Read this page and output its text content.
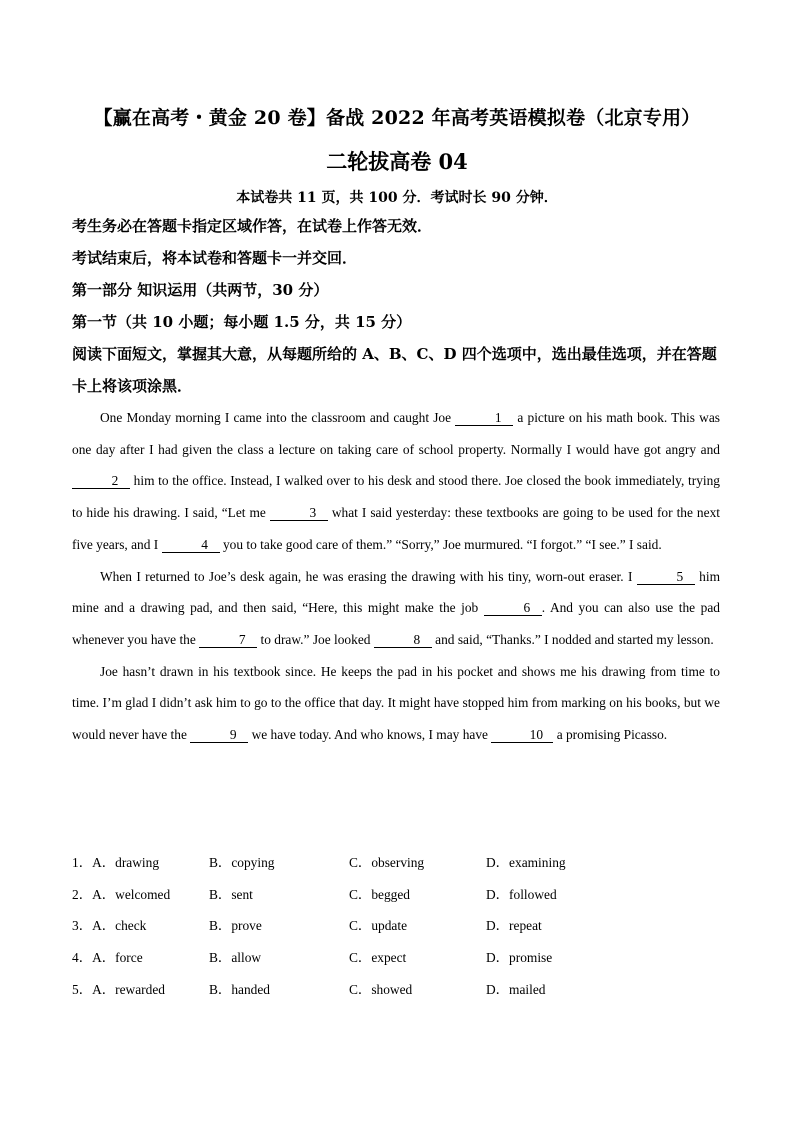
【赢在高考・黄金 20 卷】备战 2022 年高考英语模拟卷（北京专用）
二轮拔高卷 04
本试卷共 11 页，共 100 分．考试时长 90 分钟．
考生务必在答题卡指定区域作答，在试卷上作答无效．
考试结束后，将本试卷和答题卡一并交回．
第一部分 知识运用（共两节，30 分）
第一节（共 10 小题；每小题 1.5 分，共 15 分）
阅读下面短文，掌握其大意，从每题所给的 A、B、C、D 四个选项中，选出最佳选项，并在答题卡上将该项涂黑．

One Monday morning I came into the classroom and caught Joe	1 a picture on his math book. This was one day after I had given the class a lecture on taking care of school property. Normally I would have got angry and 2 him to the office. Instead, I walked over to his desk and stood there. Joe closed the book immediately, trying to hide his drawing. I said, “Let me	3 what I said yesterday: these textbooks are going to be used for the next five years, and I	4 you to take good care of them.” “Sorry,” Joe murmured. “I forgot.” “I see.” I said.

When I returned to Joe’s desk again, he was erasing the drawing with his tiny, worn-out eraser. I	5 him mine and a drawing pad, and then said, “Here, this might make the job	6 . And you can also use the pad whenever you have the	7 to draw.” Joe looked	8 and said, “Thanks.” I nodded and started my lesson.

Joe hasn’t drawn in his textbook since. He keeps the pad in his pocket and shows me his drawing from time to time. I’m glad I didn’t ask him to go to the office that day. It might have stopped him from marking on his books, but we would never have the	9 we have today. And who knows, I may have	10 a promising Picasso.

1．A．drawing	B．copying	C．observing	D．examining
2．A．welcomed	B．sent	C．begged	D．followed
3．A．check	B．prove	C．update	D．repeat
4．A．force	B．allow	C．expect	D．promise
5．A．rewarded	B．handed	C．showed	D．mailed
